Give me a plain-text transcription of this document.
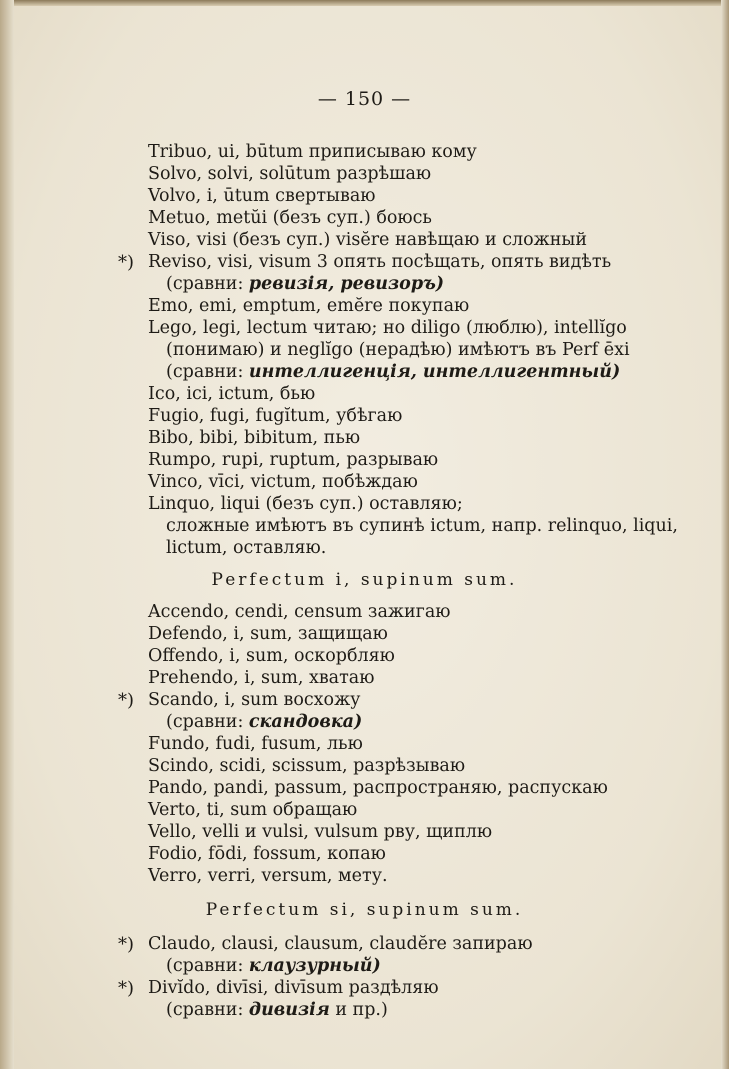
— 150 —
Tribuo, ui, būtum приписываю кому
Solvo, solvi, solūtum разрѣшаю
Volvo, i, ūtum свертываю
Metuo, metŭi (безъ суп.) боюсь
Viso, visi (безъ суп.) visĕre навѣщаю и сложный
*) Reviso, visi, visum 3 опять посѣщать, опять видѣть
(сравни: ревизія, ревизоръ)
Emo, emi, emptum, emĕre покупаю
Lego, legi, lectum читаю; но diligo (люблю), intellĭgo
(понимаю) и neglĭgo (нерадѣю) имѣютъ въ Perf ēxi
(сравни: интеллигенція, интеллигентный)
Ico, ici, ictum, бью
Fugio, fugi, fugĭtum, убѣгаю
Bibo, bibi, bibitum, пью
Rumpo, rupi, ruptum, разрываю
Vinco, vīci, victum, побѣждаю
Linquo, liqui (безъ суп.) оставляю;
сложные имѣютъ въ супинѣ ictum, напр. relinquo, liqui,
lictum, оставляю.
Perfectum i, supinum sum.
Accendo, cendi, censum зажигаю
Defendo, i, sum, защищаю
Offendo, i, sum, оскорбляю
Prehendo, i, sum, хватаю
*) Scando, i, sum восхожу
(сравни: скандовка)
Fundo, fudi, fusum, лью
Scindo, scidi, scissum, разрѣзываю
Pando, pandi, passum, распространяю, распускаю
Verto, ti, sum обращаю
Vello, velli и vulsi, vulsum рву, щиплю
Fodio, fōdi, fossum, копаю
Verro, verri, versum, мету.
Perfectum si, supinum sum.
*) Claudo, clausi, clausum, claudĕre запираю
(сравни: клаузурный)
*) Divĭdo, divīsi, divīsum раздѣляю
(сравни: дивизія и пр.)
